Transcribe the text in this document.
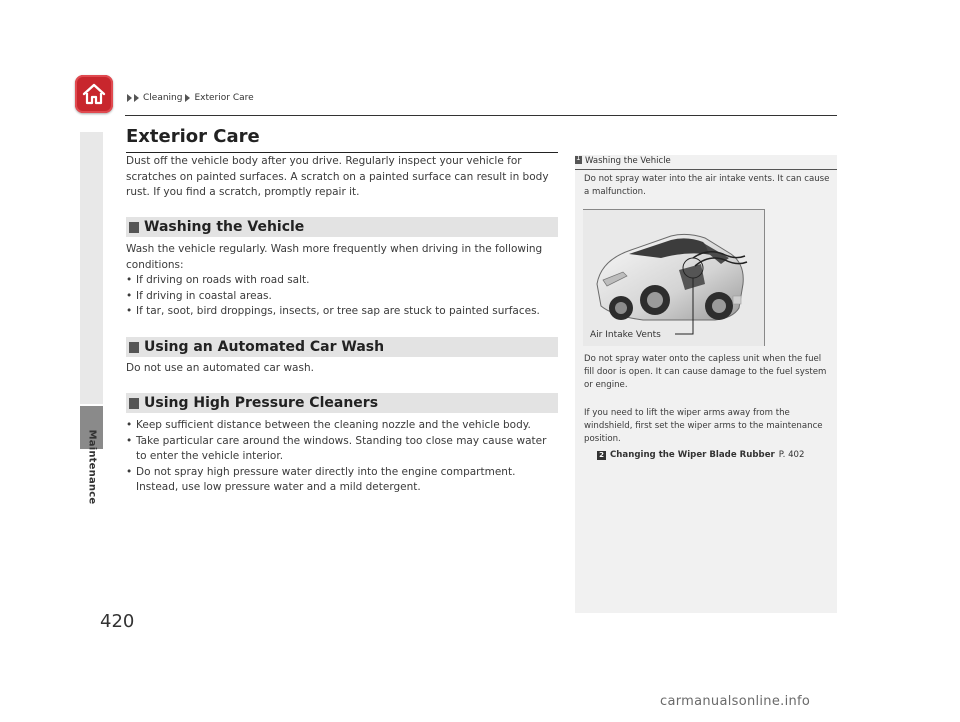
Cleaning Exterior Care
Maintenance
420
Exterior Care

Dust off the vehicle body after you drive. Regularly inspect your vehicle for scratches on painted surfaces. A scratch on a painted surface can result in body rust. If you find a scratch, promptly repair it.

Washing the Vehicle

Wash the vehicle regularly. Wash more frequently when driving in the following conditions:

• If driving on roads with road salt.
• If driving in coastal areas.
• If tar, soot, bird droppings, insects, or tree sap are stuck to painted surfaces.
Using an Automated Car Wash

Do not use an automated car wash.

Using High Pressure Cleaners
• Keep sufficient distance between the cleaning nozzle and the vehicle body.
• Take particular care around the windows. Standing too close may cause water to enter the vehicle interior.
• Do not spray high pressure water directly into the engine compartment. Instead, use low pressure water and a mild detergent.
1 Washing the Vehicle

Do not spray water into the air intake vents. It can cause a malfunction.

Air Intake Vents

Do not spray water onto the capless unit when the fuel fill door is open. It can cause damage to the fuel system or engine.

If you need to lift the wiper arms away from the windshield, first set the wiper arms to the maintenance position.

2 Changing the Wiper Blade Rubber P. 402
carmanualsonline.info
